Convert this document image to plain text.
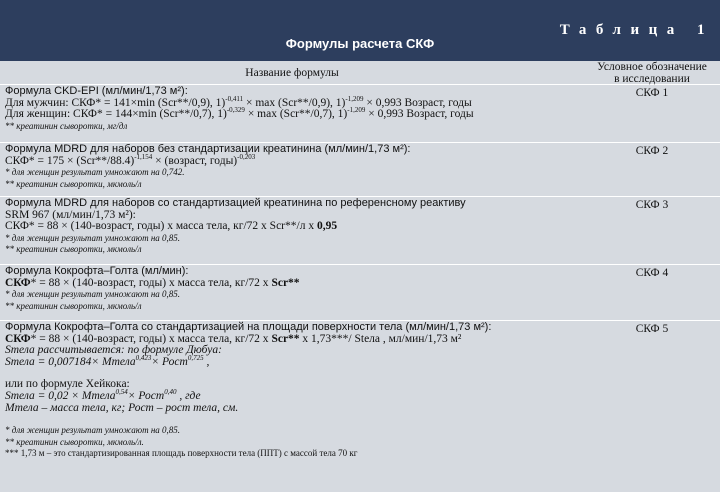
Таблица 1
Формулы расчета СКФ
Название формулы	Условное обозначение
в исследовании
Формула CKD-EPI (мл/мин/1,73 м²):
Для мужчин: СКФ* = 141×min (Scr**/0,9), 1)$^{-0,411}$ × max (Scr**/0,9), 1)$^{-1,209}$ × 0,993 Возраст, годы
Для женщин: СКФ* = 144×min (Scr**/0,7), 1)$^{-0,329}$ × max (Scr**/0,7), 1)$^{-1,209}$ × 0,993 Возраст, годы
** креатинин сыворотки, мг/дл
СКФ 1
Формула MDRD для наборов без стандартизации креатинина (мл/мин/1,73 м²):
$СКФ* = 175 \times (Scr**/88.4)^{-1,154}$ × (возраст, годы)$^{-0,203}$
* для женщин результат умножают на 0,742.
** креатинин сыворотки, мкмоль/л
СКФ 2
Формула MDRD для наборов со стандартизацией креатинина по референсному реактиву
SRM 967 (мл/мин/1,73 м²):
СКФ* = 88 × (140-возраст, годы) х масса тела, кг/72 х Scr**/л х 0,95
* для женщин результат умножают на 0,85.
** креатинин сыворотки, мкмоль/л
СКФ 3
Формула Кокрофта–Голта (мл/мин):
СКФ* = 88 × (140-возраст, годы) х масса тела, кг/72 х Scr**
* для женщин результат умножают на 0,85.
** креатинин сыворотки, мкмоль/л
СКФ 4
Формула Кокрофта–Голта со стандартизацией на площади поверхности тела (мл/мин/1,73 м²):
СКФ* = 88 × (140-возраст, годы) х масса тела, кг/72 х Scr** х 1,73***/ Stела , мл/мин/1,73 м²
Sтела рассчитывается: по формуле Дюбуа:
Sтела = 0,007184× Мтела$^{0,423}$× Рост$^{0,725}$ ,
или по формуле Хейкока:
Sтела = 0,02 × Мтела$^{0,54}$× Рост$^{0,40}$ , где
Мтела – масса тела, кг; Рост – рост тела, см.
* для женщин результат умножают на 0,85.
** креатинин сыворотки, мкмоль/л.
*** 1,73 м – это стандартизированная площадь поверхности тела (ППТ) с массой тела 70 кг
СКФ 5
